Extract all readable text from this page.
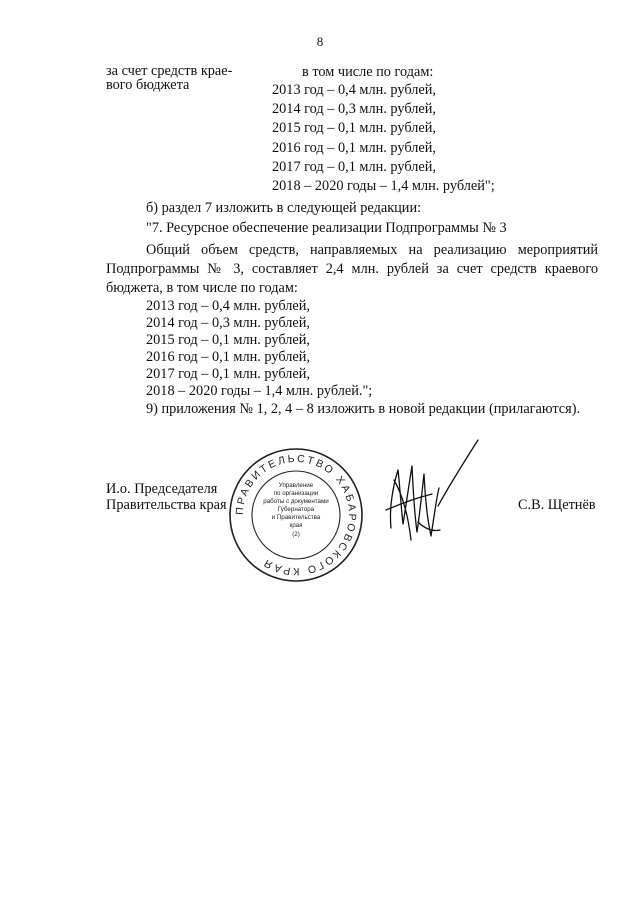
8
за счет средств крае-
вого бюджета
в том числе по годам:
2013 год – 0,4 млн. рублей,
2014 год – 0,3 млн. рублей,
2015 год – 0,1 млн. рублей,
2016 год – 0,1 млн. рублей,
2017 год – 0,1 млн. рублей,
2018 – 2020 годы – 1,4 млн. рублей";
б) раздел 7 изложить в следующей редакции:
"7. Ресурсное обеспечение реализации Подпрограммы № 3
Общий объем средств, направляемых на реализацию мероприятий
Подпрограммы № 3, составляет 2,4 млн. рублей за счет средств краевого
бюджета, в том числе по годам:
2013 год – 0,4 млн. рублей,
2014 год – 0,3 млн. рублей,
2015 год – 0,1 млн. рублей,
2016 год – 0,1 млн. рублей,
2017 год – 0,1 млн. рублей,
2018 – 2020 годы – 1,4 млн. рублей.";
9) приложения № 1, 2, 4 – 8 изложить в новой редакции (прилагаются).
И.о. Председателя
Правительства края ПРАВИТЕЛЬСТВО ХАБАРОВСКОГО КРАЯ
Управление
по организации
работы с документами
Губернатора
и Правительства
края
(2)
С.В. Щетнёв
